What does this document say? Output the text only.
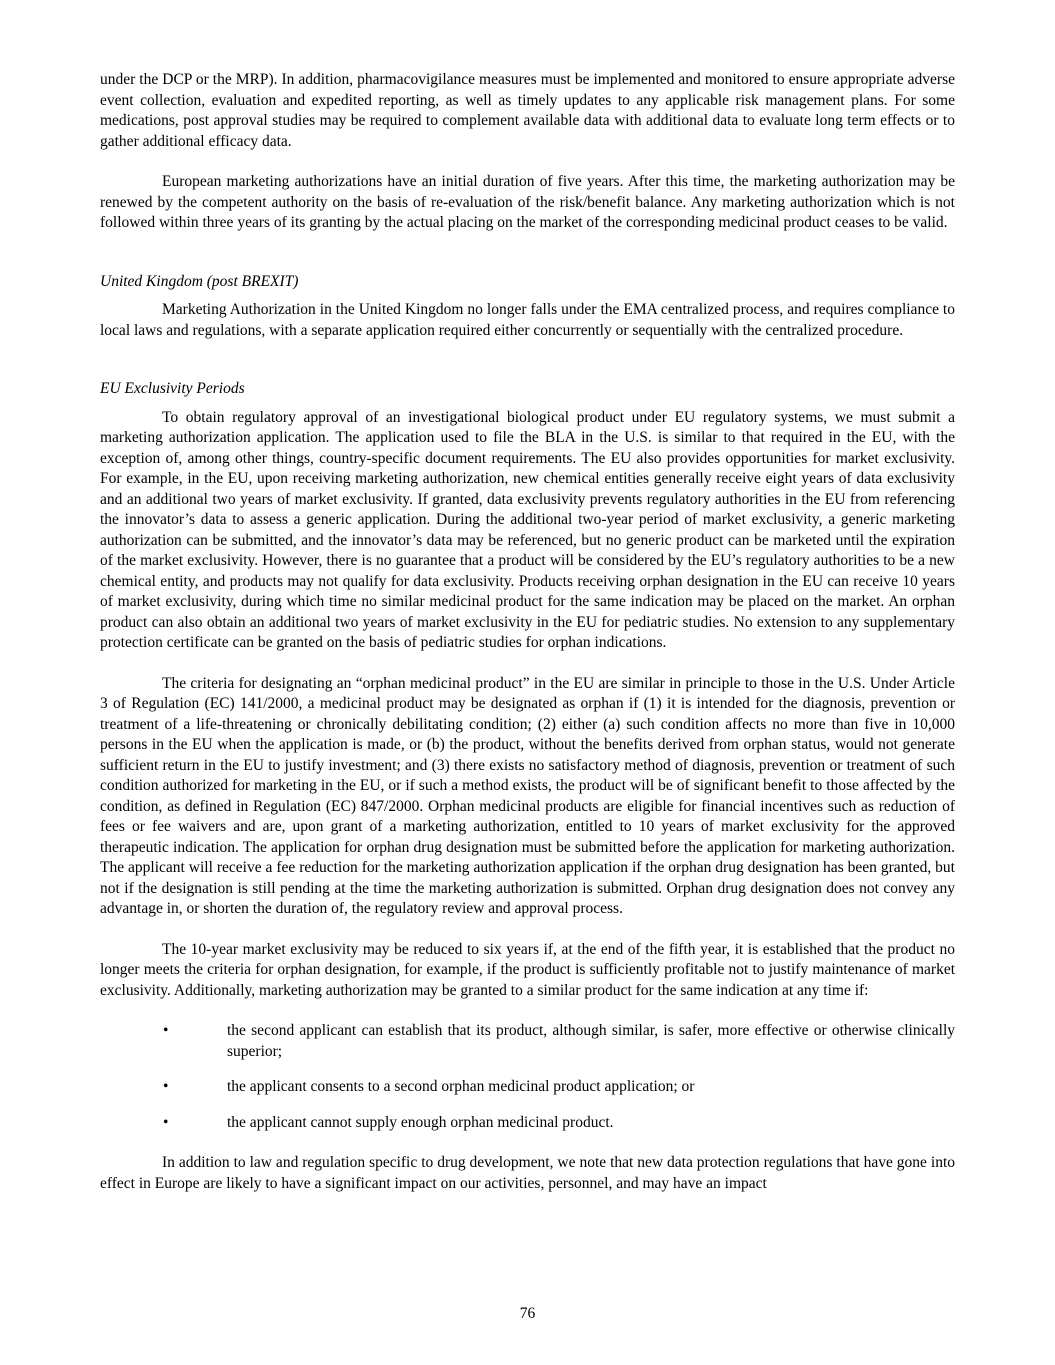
under the DCP or the MRP). In addition, pharmacovigilance measures must be implemented and monitored to ensure appropriate adverse event collection, evaluation and expedited reporting, as well as timely updates to any applicable risk management plans. For some medications, post approval studies may be required to complement available data with additional data to evaluate long term effects or to gather additional efficacy data.

European marketing authorizations have an initial duration of five years. After this time, the marketing authorization may be renewed by the competent authority on the basis of re-evaluation of the risk/benefit balance. Any marketing authorization which is not followed within three years of its granting by the actual placing on the market of the corresponding medicinal product ceases to be valid.

United Kingdom (post BREXIT)

Marketing Authorization in the United Kingdom no longer falls under the EMA centralized process, and requires compliance to local laws and regulations, with a separate application required either concurrently or sequentially with the centralized procedure.

EU Exclusivity Periods

To obtain regulatory approval of an investigational biological product under EU regulatory systems, we must submit a marketing authorization application. The application used to file the BLA in the U.S. is similar to that required in the EU, with the exception of, among other things, country-specific document requirements. The EU also provides opportunities for market exclusivity. For example, in the EU, upon receiving marketing authorization, new chemical entities generally receive eight years of data exclusivity and an additional two years of market exclusivity. If granted, data exclusivity prevents regulatory authorities in the EU from referencing the innovator’s data to assess a generic application. During the additional two-year period of market exclusivity, a generic marketing authorization can be submitted, and the innovator’s data may be referenced, but no generic product can be marketed until the expiration of the market exclusivity. However, there is no guarantee that a product will be considered by the EU’s regulatory authorities to be a new chemical entity, and products may not qualify for data exclusivity. Products receiving orphan designation in the EU can receive 10 years of market exclusivity, during which time no similar medicinal product for the same indication may be placed on the market. An orphan product can also obtain an additional two years of market exclusivity in the EU for pediatric studies. No extension to any supplementary protection certificate can be granted on the basis of pediatric studies for orphan indications.

The criteria for designating an “orphan medicinal product” in the EU are similar in principle to those in the U.S. Under Article 3 of Regulation (EC) 141/2000, a medicinal product may be designated as orphan if (1) it is intended for the diagnosis, prevention or treatment of a life-threatening or chronically debilitating condition; (2) either (a) such condition affects no more than five in 10,000 persons in the EU when the application is made, or (b) the product, without the benefits derived from orphan status, would not generate sufficient return in the EU to justify investment; and (3) there exists no satisfactory method of diagnosis, prevention or treatment of such condition authorized for marketing in the EU, or if such a method exists, the product will be of significant benefit to those affected by the condition, as defined in Regulation (EC) 847/2000. Orphan medicinal products are eligible for financial incentives such as reduction of fees or fee waivers and are, upon grant of a marketing authorization, entitled to 10 years of market exclusivity for the approved therapeutic indication. The application for orphan drug designation must be submitted before the application for marketing authorization. The applicant will receive a fee reduction for the marketing authorization application if the orphan drug designation has been granted, but not if the designation is still pending at the time the marketing authorization is submitted. Orphan drug designation does not convey any advantage in, or shorten the duration of, the regulatory review and approval process.

The 10-year market exclusivity may be reduced to six years if, at the end of the fifth year, it is established that the product no longer meets the criteria for orphan designation, for example, if the product is sufficiently profitable not to justify maintenance of market exclusivity. Additionally, marketing authorization may be granted to a similar product for the same indication at any time if:

•	the second applicant can establish that its product, although similar, is safer, more effective or otherwise clinically superior;
•	the applicant consents to a second orphan medicinal product application; or
•	the applicant cannot supply enough orphan medicinal product.

In addition to law and regulation specific to drug development, we note that new data protection regulations that have gone into effect in Europe are likely to have a significant impact on our activities, personnel, and may have an impact

76
